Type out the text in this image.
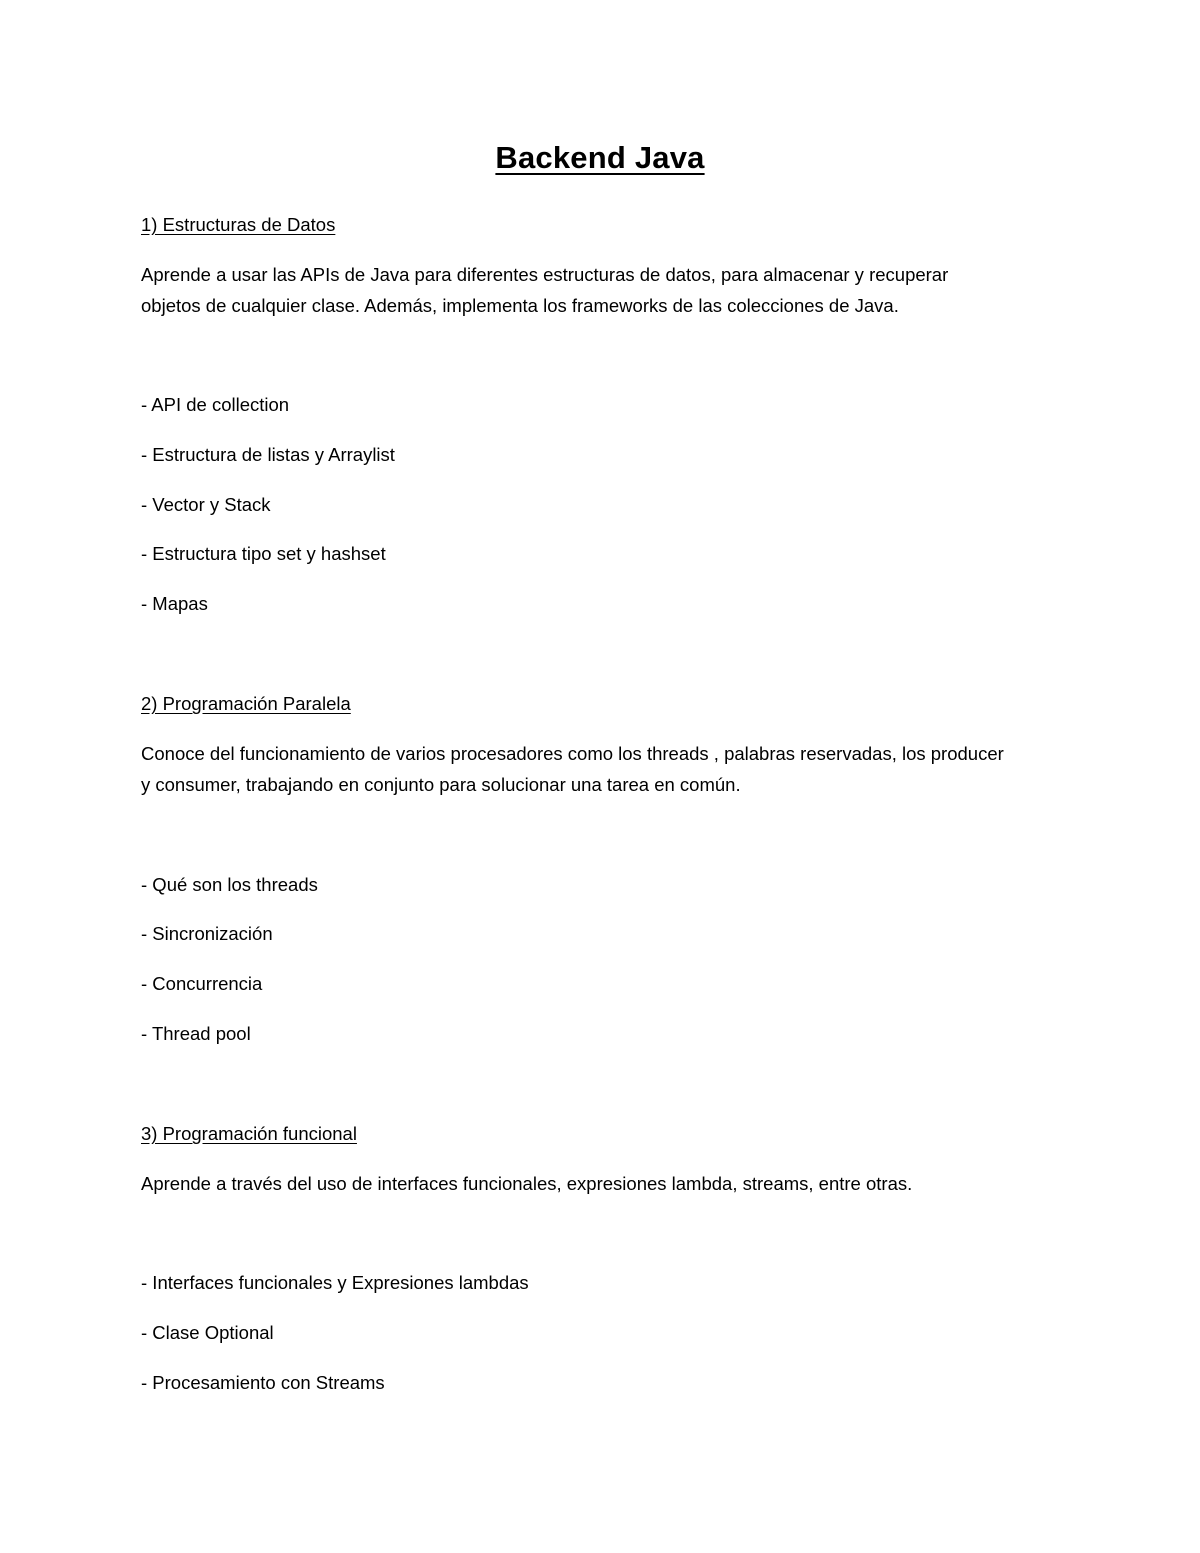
Backend Java
1) Estructuras de Datos
Aprende a usar las APIs de Java para diferentes estructuras de datos, para almacenar y recuperar
objetos de cualquier clase. Además, implementa los frameworks de las colecciones de Java.
- API de collection
- Estructura de listas y Arraylist
- Vector y Stack
- Estructura tipo set y hashset
- Mapas
2) Programación Paralela
Conoce del funcionamiento de varios procesadores como los threads , palabras reservadas, los producer
y consumer, trabajando en conjunto para solucionar una tarea en común.
- Qué son los threads
- Sincronización
- Concurrencia
- Thread pool
3) Programación funcional
Aprende a través del uso de interfaces funcionales, expresiones lambda, streams, entre otras.
- Interfaces funcionales y Expresiones lambdas
- Clase Optional
- Procesamiento con Streams
